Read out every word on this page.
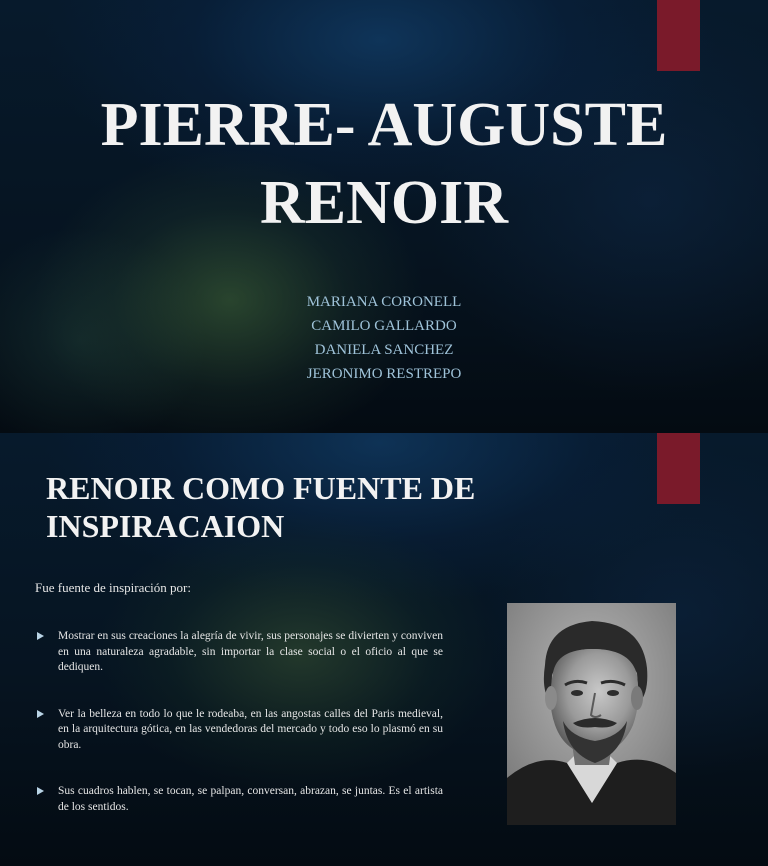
PIERRE- AUGUSTE
RENOIR
MARIANA CORONELL
CAMILO GALLARDO
DANIELA SANCHEZ
JERONIMO RESTREPO
RENOIR COMO FUENTE DE
INSPIRACAION
Fue fuente de inspiración por:
Mostrar en sus creaciones la alegría de vivir, sus personajes se divierten y conviven en una naturaleza agradable, sin importar la clase social o el oficio al que se dediquen.
Ver la belleza en todo lo que le rodeaba, en las angostas calles del Paris medieval, en la arquitectura gótica, en las vendedoras del mercado y todo eso lo plasmó en su obra.
Sus cuadros hablen, se tocan, se palpan, conversan, abrazan, se juntas. Es el artista de los sentidos.
